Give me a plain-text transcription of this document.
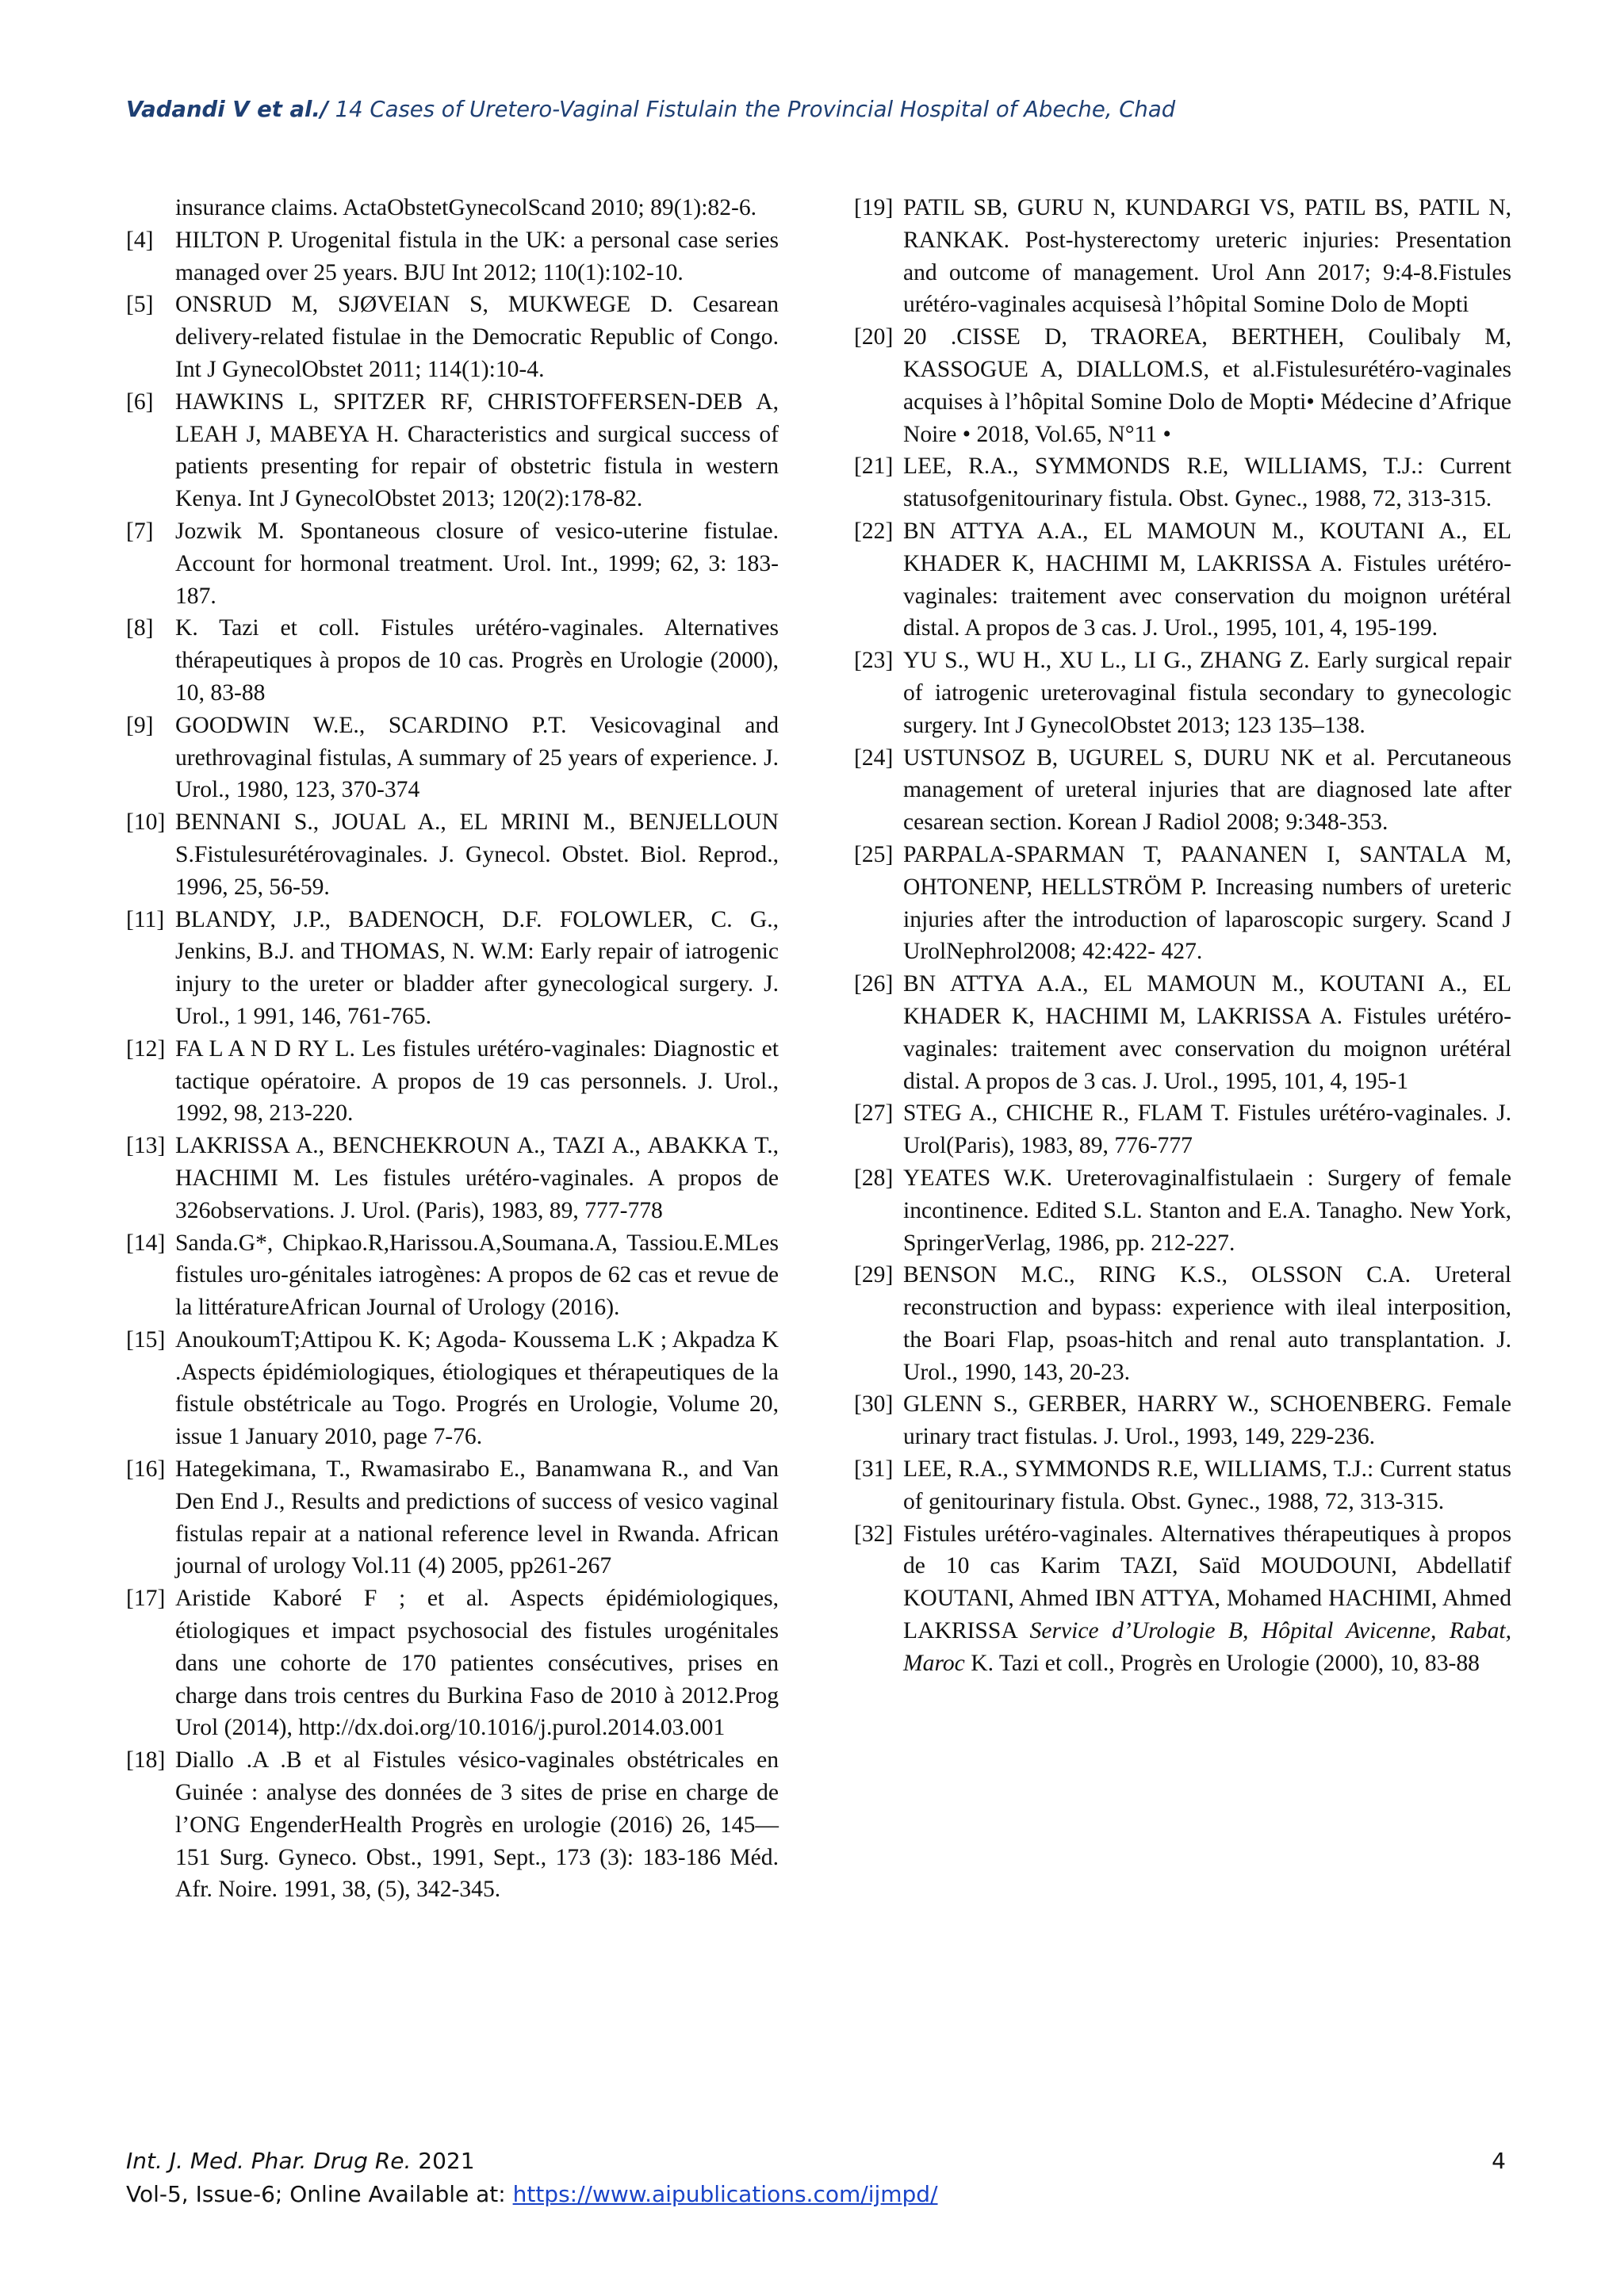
Vadandi V et al./ 14 Cases of Uretero-Vaginal Fistulain the Provincial Hospital of Abeche, Chad
insurance claims. ActaObstetGynecolScand 2010; 89(1):82-6.
[4] HILTON P. Urogenital fistula in the UK: a personal case series managed over 25 years. BJU Int 2012; 110(1):102-10.
[5] ONSRUD M, SJØVEIAN S, MUKWEGE D. Cesarean delivery-related fistulae in the Democratic Republic of Congo. Int J GynecolObstet 2011; 114(1):10-4.
[6] HAWKINS L, SPITZER RF, CHRISTOFFERSEN-DEB A, LEAH J, MABEYA H. Characteristics and surgical success of patients presenting for repair of obstetric fistula in western Kenya. Int J GynecolObstet 2013; 120(2):178-82.
[7] Jozwik M. Spontaneous closure of vesico-uterine fistulae. Account for hormonal treatment. Urol. Int., 1999; 62, 3: 183-187.
[8] K. Tazi et coll. Fistules urétéro-vaginales. Alternatives thérapeutiques à propos de 10 cas. Progrès en Urologie (2000), 10, 83-88
[9] GOODWIN W.E., SCARDINO P.T. Vesicovaginal and urethrovaginal fistulas, A summary of 25 years of experience. J. Urol., 1980, 123, 370-374
[10] BENNANI S., JOUAL A., EL MRINI M., BENJELLOUN S.Fistulesurétérovaginales. J. Gynecol. Obstet. Biol. Reprod., 1996, 25, 56-59.
[11] BLANDY, J.P., BADENOCH, D.F. FOLOWLER, C. G., Jenkins, B.J. and THOMAS, N. W.M: Early repair of iatrogenic injury to the ureter or bladder after gynecological surgery. J. Urol., 1 991, 146, 761-765.
[12] FA L A N D RY L. Les fistules urétéro-vaginales: Diagnostic et tactique opératoire. A propos de 19 cas personnels. J. Urol., 1992, 98, 213-220.
[13] LAKRISSA A., BENCHEKROUN A., TAZI A., ABAKKA T., HACHIMI M. Les fistules urétéro-vaginales. A propos de 326observations. J. Urol. (Paris), 1983, 89, 777-778
[14] Sanda.G*, Chipkao.R,Harissou.A,Soumana.A, Tassiou.E.MLes fistules uro-génitales iatrogènes: A propos de 62 cas et revue de la littératureAfrican Journal of Urology (2016).
[15] AnoukoumT;Attipou K. K; Agoda- Koussema L.K ; Akpadza K .Aspects épidémiologiques, étiologiques et thérapeutiques de la fistule obstétricale au Togo. Progrés en Urologie, Volume 20, issue 1 January 2010, page 7-76.
[16] Hategekimana, T., Rwamasirabo E., Banamwana R., and Van Den End J., Results and predictions of success of vesico vaginal fistulas repair at a national reference level in Rwanda. African journal of urology Vol.11 (4) 2005, pp261-267
[17] Aristide Kaboré F ; et al. Aspects épidémiologiques, étiologiques et impact psychosocial des fistules urogénitales dans une cohorte de 170 patientes consécutives, prises en charge dans trois centres du Burkina Faso de 2010 à 2012.Prog Urol (2014), http://dx.doi.org/10.1016/j.purol.2014.03.001
[18] Diallo .A .B et al Fistules vésico-vaginales obstétricales en Guinée : analyse des données de 3 sites de prise en charge de l’ONG EngenderHealth Progrès en urologie (2016) 26, 145—151 Surg. Gyneco. Obst., 1991, Sept., 173 (3): 183-186 Méd. Afr. Noire. 1991, 38, (5), 342-345.
[19] PATIL SB, GURU N, KUNDARGI VS, PATIL BS, PATIL N, RANKAK. Post-hysterectomy ureteric injuries: Presentation and outcome of management. Urol Ann 2017; 9:4-8.Fistules urétéro-vaginales acquisesà l’hôpital Somine Dolo de Mopti
[20] 20 .CISSE D, TRAOREA, BERTHEH, Coulibaly M, KASSOGUE A, DIALLOM.S, et al.Fistulesurétéro-vaginales acquises à l’hôpital Somine Dolo de Mopti• Médecine d’Afrique Noire • 2018, Vol.65, N°11 •
[21] LEE, R.A., SYMMONDS R.E, WILLIAMS, T.J.: Current statusofgenitourinary fistula. Obst. Gynec., 1988, 72, 313-315.
[22] BN ATTYA A.A., EL MAMOUN M., KOUTANI A., EL KHADER K, HACHIMI M, LAKRISSA A. Fistules urétéro-vaginales: traitement avec conservation du moignon urétéral distal. A propos de 3 cas. J. Urol., 1995, 101, 4, 195-199.
[23] YU S., WU H., XU L., LI G., ZHANG Z. Early surgical repair of iatrogenic ureterovaginal fistula secondary to gynecologic surgery. Int J GynecolObstet 2013; 123 135–138.
[24] USTUNSOZ B, UGUREL S, DURU NK et al. Percutaneous management of ureteral injuries that are diagnosed late after cesarean section. Korean J Radiol 2008; 9:348-353.
[25] PARPALA-SPARMAN T, PAANANEN I, SANTALA M, OHTONENP, HELLSTRÖM P. Increasing numbers of ureteric injuries after the introduction of laparoscopic surgery. Scand J UrolNephrol2008; 42:422- 427.
[26] BN ATTYA A.A., EL MAMOUN M., KOUTANI A., EL KHADER K, HACHIMI M, LAKRISSA A. Fistules urétéro-vaginales: traitement avec conservation du moignon urétéral distal. A propos de 3 cas. J. Urol., 1995, 101, 4, 195-1
[27] STEG A., CHICHE R., FLAM T. Fistules urétéro-vaginales. J. Urol(Paris), 1983, 89, 776-777
[28] YEATES W.K. Ureterovaginalfistulaein : Surgery of female incontinence. Edited S.L. Stanton and E.A. Tanagho. New York, SpringerVerlag, 1986, pp. 212-227.
[29] BENSON M.C., RING K.S., OLSSON C.A. Ureteral reconstruction and bypass: experience with ileal interposition, the Boari Flap, psoas-hitch and renal auto transplantation. J. Urol., 1990, 143, 20-23.
[30] GLENN S., GERBER, HARRY W., SCHOENBERG. Female urinary tract fistulas. J. Urol., 1993, 149, 229-236.
[31] LEE, R.A., SYMMONDS R.E, WILLIAMS, T.J.: Current status of genitourinary fistula. Obst. Gynec., 1988, 72, 313-315.
[32] Fistules urétéro-vaginales. Alternatives thérapeutiques à propos de 10 cas Karim TAZI, Saïd MOUDOUNI, Abdellatif KOUTANI, Ahmed IBN ATTYA, Mohamed HACHIMI, Ahmed LAKRISSA Service d’Urologie B, Hôpital Avicenne, Rabat, Maroc K. Tazi et coll., Progrès en Urologie (2000), 10, 83-88
Int. J. Med. Phar. Drug Re. 2021
Vol-5, Issue-6; Online Available at: https://www.aipublications.com/ijmpd/
4
